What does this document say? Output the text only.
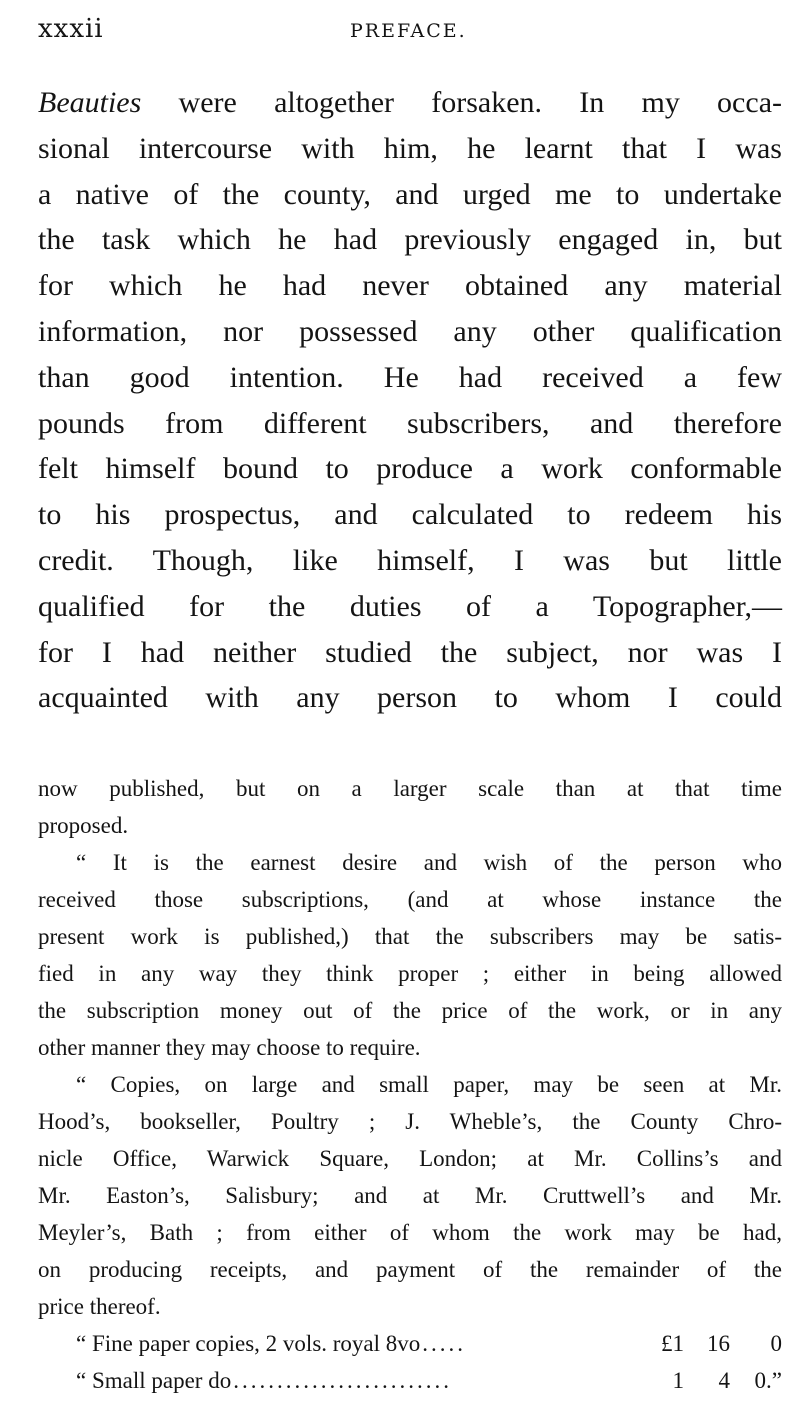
xxxii	PREFACE.
Beauties were altogether forsaken. In my occa-
sional intercourse with him, he learnt that I was
a native of the county, and urged me to undertake
the task which he had previously engaged in, but
for which he had never obtained any material
information, nor possessed any other qualification
than good intention. He had received a few
pounds from different subscribers, and therefore
felt himself bound to produce a work conformable
to his prospectus, and calculated to redeem his
credit. Though, like himself, I was but little
qualified for the duties of a Topographer,—
for I had neither studied the subject, nor was I
acquainted with any person to whom I could
now published, but on a larger scale than at that time
proposed.
“ It is the earnest desire and wish of the person who
received those subscriptions, (and at whose instance the
present work is published,) that the subscribers may be satis-
fied in any way they think proper ; either in being allowed
the subscription money out of the price of the work, or in any
other manner they may choose to require.
“ Copies, on large and small paper, may be seen at Mr.
Hood’s, bookseller, Poultry ; J. Wheble’s, the County Chro-
nicle Office, Warwick Square, London; at Mr. Collins’s and
Mr. Easton’s, Salisbury; and at Mr. Cruttwell’s and Mr.
Meyler’s, Bath ; from either of whom the work may be had,
on producing receipts, and payment of the remainder of the
price thereof.
“ Fine paper copies, 2 vols. royal 8vo .....	£1	16	0
“ Small paper do .........................	1	4	0.”
